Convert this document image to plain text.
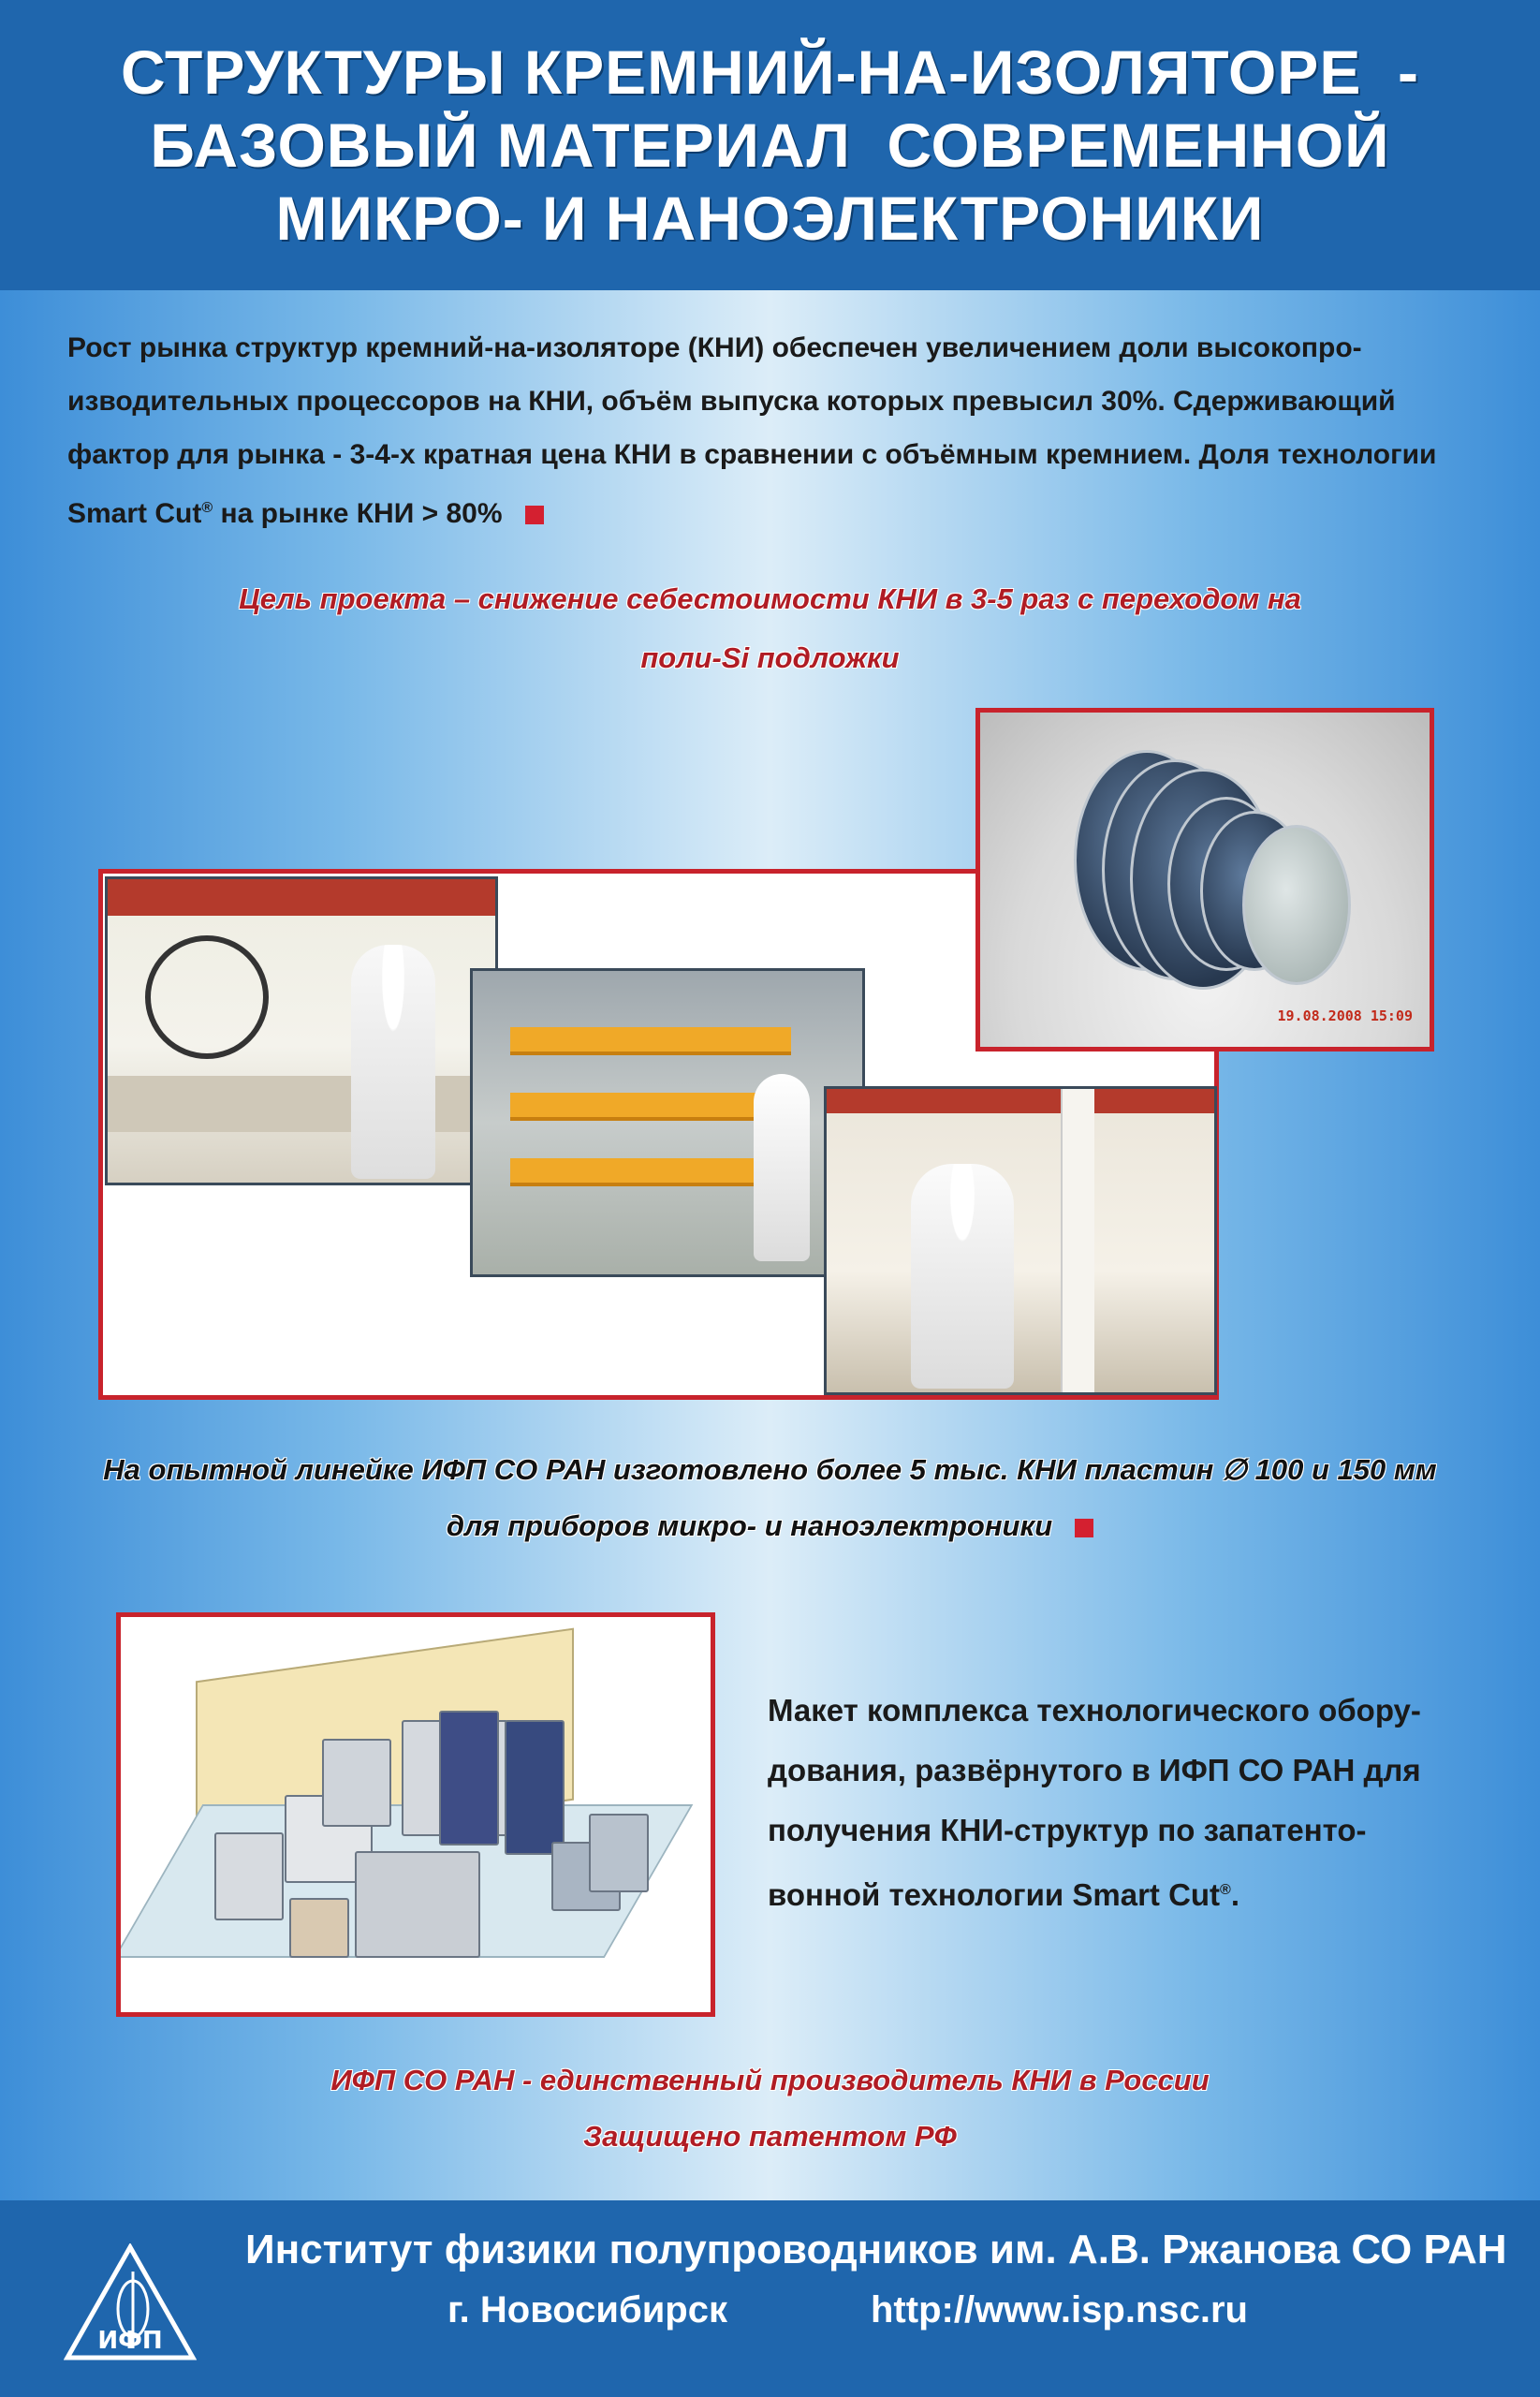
СТРУКТУРЫ КРЕМНИЙ-НА-ИЗОЛЯТОРЕ  -
БАЗОВЫЙ МАТЕРИАЛ  СОВРЕМЕННОЙ
МИКРО- И НАНОЭЛЕКТРОНИКИ
Рост рынка структур кремний-на-изоляторе (КНИ) обеспечен увеличением доли высокопро-
изводительных процессоров на КНИ, объём выпуска которых превысил 30%. Сдерживающий
фактор для рынка - 3-4-х кратная цена КНИ в сравнении с объёмным кремнием. Доля технологии
Smart Cut® на рынке КНИ > 80%
Цель проекта – снижение себестоимости КНИ в 3-5 раз с переходом на
поли-Si подложки
19.08.2008 15:09
На опытной линейке ИФП СО РАН изготовлено более 5 тыс. КНИ пластин ∅ 100 и 150 мм
для приборов микро- и наноэлектроники
Макет комплекса технологического обору-
дования, развёрнутого в ИФП СО РАН для
получения КНИ-структур по запатенто-
вонной технологии Smart Cut®.
ИФП СО РАН - единственный производитель КНИ в России
Защищено патентом РФ
ИФП
Институт физики полупроводников им. А.В. Ржанова СО РАН
г. Новосибирск	http://www.isp.nsc.ru
